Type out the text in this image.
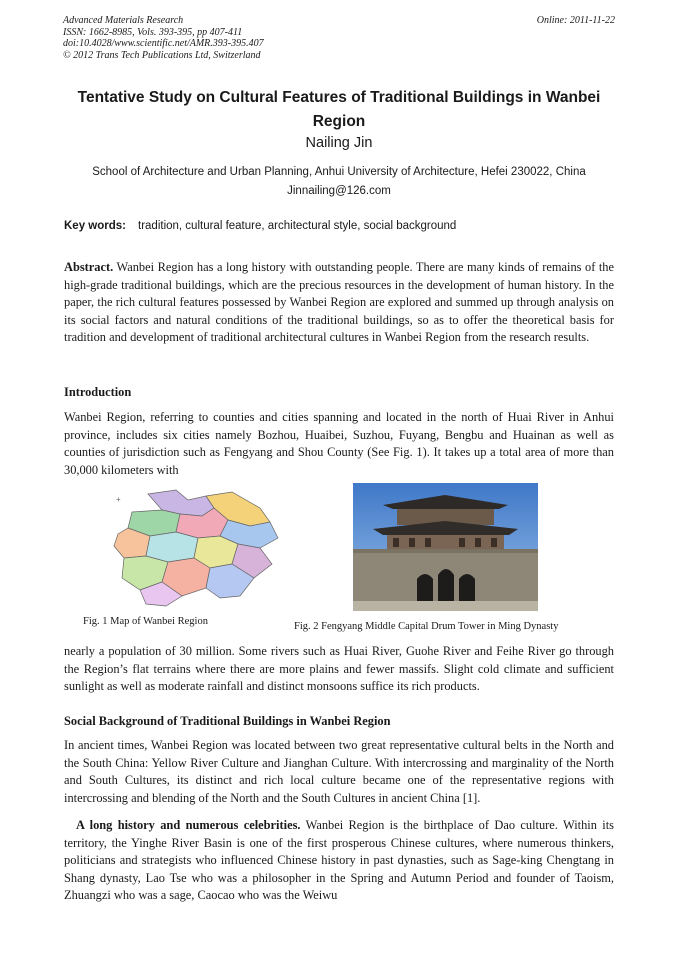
Advanced Materials Research
ISSN: 1662-8985, Vols. 393-395, pp 407-411
doi:10.4028/www.scientific.net/AMR.393-395.407
© 2012 Trans Tech Publications Ltd, Switzerland
Online: 2011-11-22
Tentative Study on Cultural Features of Traditional Buildings in Wanbei Region
Nailing Jin
School of Architecture and Urban Planning, Anhui University of Architecture, Hefei 230022, China
Jinnailing@126.com
Key words: tradition, cultural feature, architectural style, social background
Abstract. Wanbei Region has a long history with outstanding people. There are many kinds of remains of the high-grade traditional buildings, which are the precious resources in the development of human history. In the paper, the rich cultural features possessed by Wanbei Region are explored and summed up through analysis on its social factors and natural conditions of the traditional buildings, so as to offer the theoretical basis for tradition and development of traditional architectural cultures in Wanbei Region from the research results.
Introduction
Wanbei Region, referring to counties and cities spanning and located in the north of Huai River in Anhui province, includes six cities namely Bozhou, Huaibei, Suzhou, Fuyang, Bengbu and Huainan as well as counties of jurisdiction such as Fengyang and Shou County (See Fig. 1). It takes up a total area of more than 30,000 kilometers with
+
Fig. 1 Map of Wanbei Region	Fig. 2 Fengyang Middle Capital Drum Tower in Ming Dynasty
nearly a population of 30 million. Some rivers such as Huai River, Guohe River and Feihe River go through the Region’s flat terrains where there are more plains and fewer massifs. Slight cold climate and sufficient sunlight as well as moderate rainfall and distinct monsoons suffice its rich products.
Social Background of Traditional Buildings in Wanbei Region
In ancient times, Wanbei Region was located between two great representative cultural belts in the North and the South China: Yellow River Culture and Jianghan Culture. With intercrossing and marginality of the North and South Cultures, its distinct and rich local culture became one of the representative regions with intercrossing and blending of the North and the South Cultures in ancient China [1].
A long history and numerous celebrities. Wanbei Region is the birthplace of Dao culture. Within its territory, the Yinghe River Basin is one of the first prosperous Chinese cultures, where numerous thinkers, politicians and strategists who influenced Chinese history in past dynasties, such as Sage-king Chengtang in Shang dynasty, Lao Tse who was a philosopher in the Spring and Autumn Period and founder of Taoism, Zhuangzi who was a sage, Caocao who was the Weiwu
